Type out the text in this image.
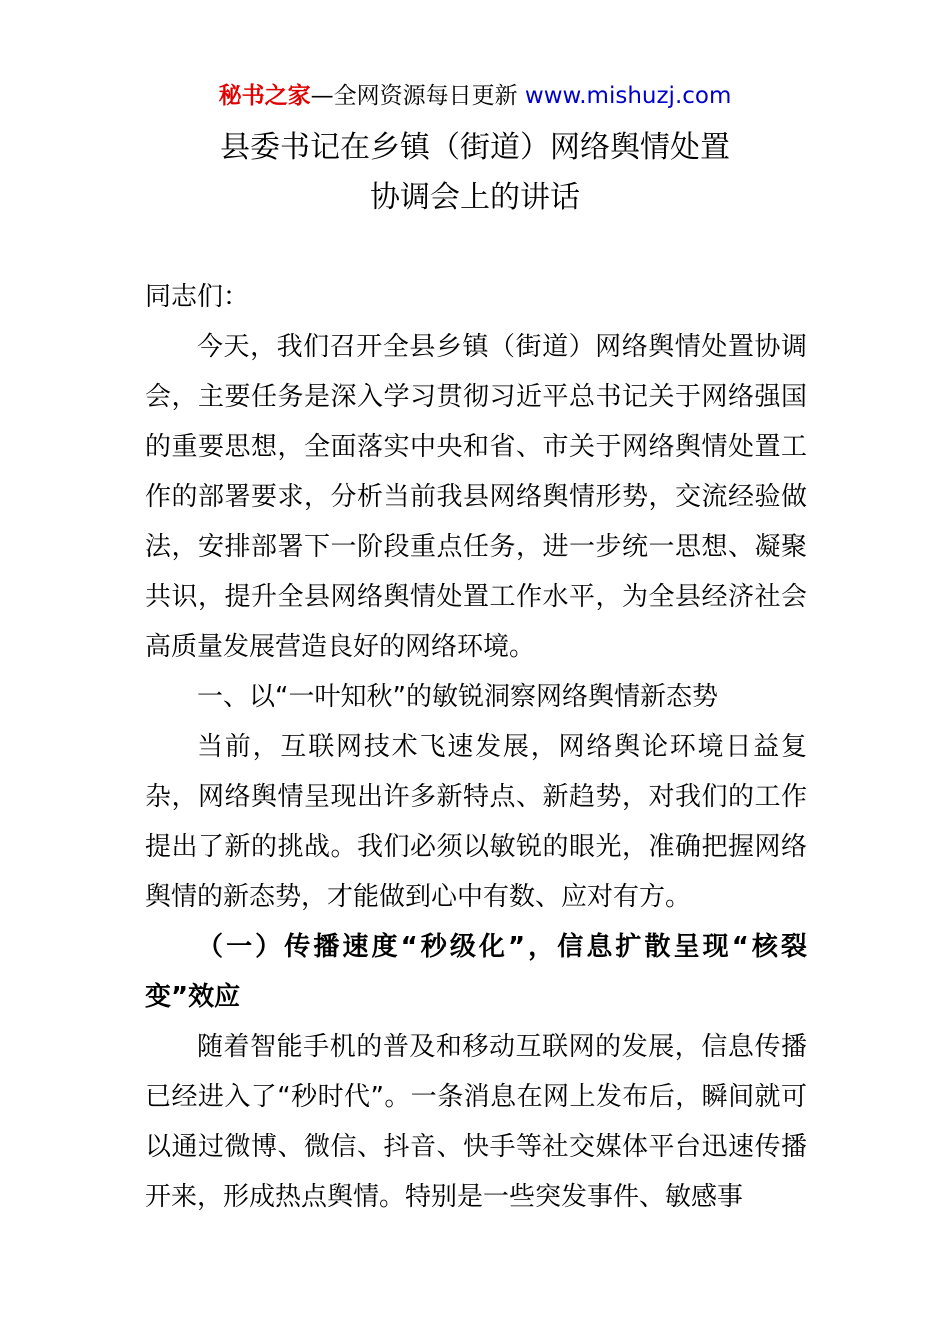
秘书之家—全网资源每日更新 www.mishuzj.com
县委书记在乡镇（街道）网络舆情处置
协调会上的讲话

同志们：

今天，我们召开全县乡镇（街道）网络舆情处置协调会，主要任务是深入学习贯彻习近平总书记关于网络强国的重要思想，全面落实中央和省、市关于网络舆情处置工作的部署要求，分析当前我县网络舆情形势，交流经验做法，安排部署下一阶段重点任务，进一步统一思想、凝聚共识，提升全县网络舆情处置工作水平，为全县经济社会高质量发展营造良好的网络环境。

一、以“一叶知秋”的敏锐洞察网络舆情新态势

当前，互联网技术飞速发展，网络舆论环境日益复杂，网络舆情呈现出许多新特点、新趋势，对我们的工作提出了新的挑战。我们必须以敏锐的眼光，准确把握网络舆情的新态势，才能做到心中有数、应对有方。

（一）传播速度“秒级化”，信息扩散呈现“核裂变”效应

随着智能手机的普及和移动互联网的发展，信息传播已经进入了“秒时代”。一条消息在网上发布后，瞬间就可以通过微博、微信、抖音、快手等社交媒体平台迅速传播开来，形成热点舆情。特别是一些突发事件、敏感事
